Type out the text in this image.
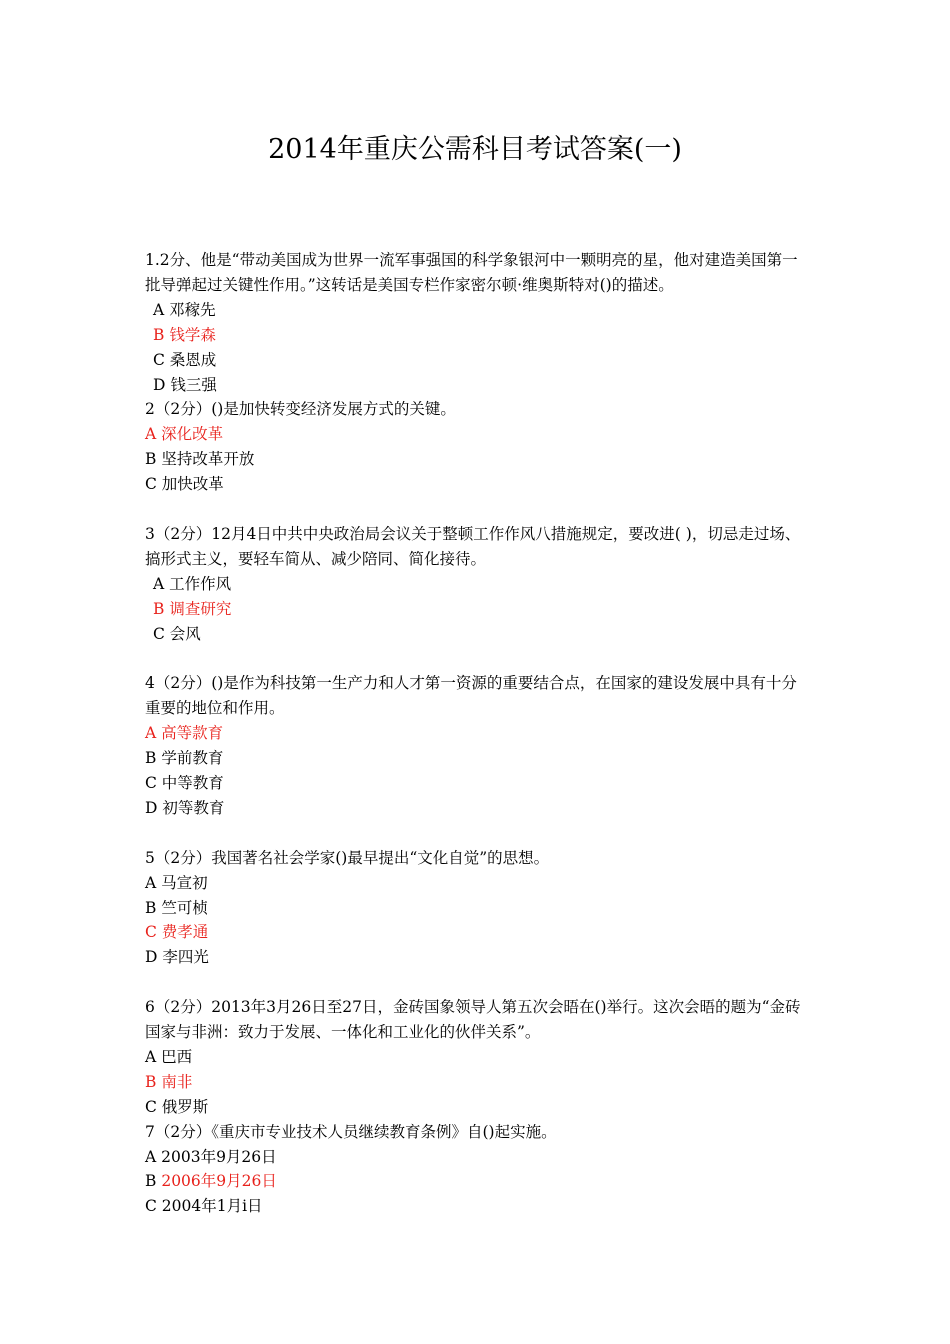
2014年重庆公需科目考试答案(一)

1.2分、他是“带动美国成为世界一流军事强国的科学象银河中一颗明亮的星，他对建造美国第一批导弹起过关键性作用。”这转话是美国专栏作家密尔顿·维奥斯特对()的描述。

A 邓稼先

B 钱学森

C 桑恩成

D 钱三强

2（2分）()是加快转变经济发展方式的关键。

A 深化改革

B 坚持改革开放

C 加快改革

3（2分）12月4日中共中央政治局会议关于整顿工作作风八措施规定，要改进( )，切忌走过场、搞形式主义，要轻车简从、减少陪同、简化接待。

A 工作作风

B 调查研究

C 会风

4（2分）()是作为科技第一生产力和人才第一资源的重要结合点，在国家的建设发展中具有十分重要的地位和作用。

A 高等款育

B 学前教育

C 中等教育

D 初等教育

5（2分）我国著名社会学家()最早提出“文化自觉”的思想。

A 马宣初

B 竺可桢

C 费孝通

D 李四光

6（2分）2013年3月26日至27日，金砖国象领导人第五次会晤在()举行。这次会晤的题为“金砖国家与非洲：致力于发展、一体化和工业化的伙伴关系”。

A 巴西

B 南非

C 俄罗斯

7（2分）《重庆市专业技术人员继续教育条例》自()起实施。

A 2003年9月26日

B 2006年9月26日

C 2004年1月i日
